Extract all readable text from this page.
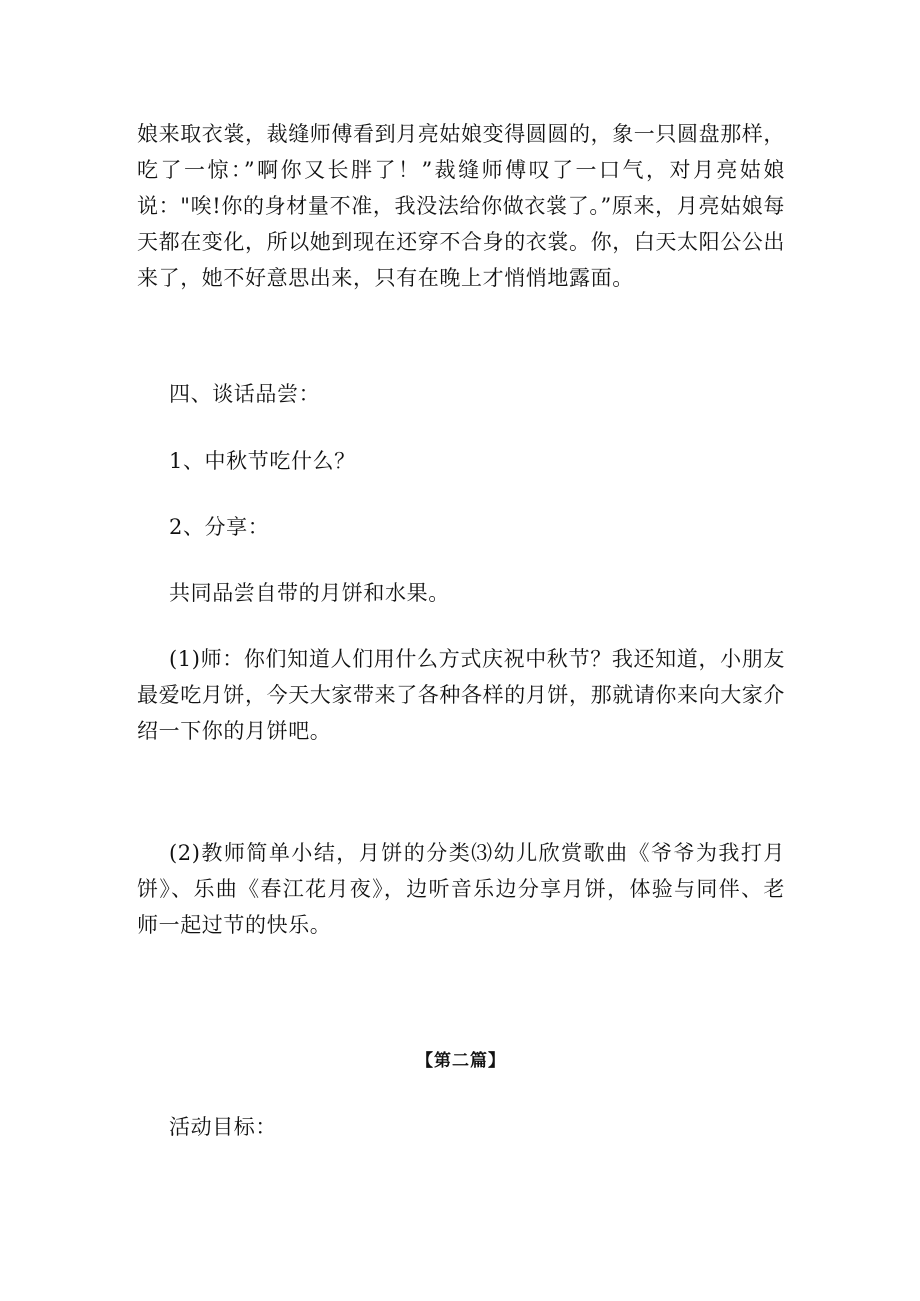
娘来取衣裳，裁缝师傅看到月亮姑娘变得圆圆的，象一只圆盘那样，吃了一惊：”啊你又长胖了！”裁缝师傅叹了一口气，对月亮姑娘说："唉!你的身材量不准，我没法给你做衣裳了。”原来，月亮姑娘每天都在变化，所以她到现在还穿不合身的衣裳。你，白天太阳公公出来了，她不好意思出来，只有在晚上才悄悄地露面。

四、谈话品尝：

1、中秋节吃什么？

2、分享：

共同品尝自带的月饼和水果。

(1)师：你们知道人们用什么方式庆祝中秋节？我还知道，小朋友最爱吃月饼，今天大家带来了各种各样的月饼，那就请你来向大家介绍一下你的月饼吧。

(2)教师简单小结，月饼的分类⑶幼儿欣赏歌曲《爷爷为我打月饼》、乐曲《春江花月夜》，边听音乐边分享月饼，体验与同伴、老师一起过节的快乐。

【第二篇】

活动目标：
